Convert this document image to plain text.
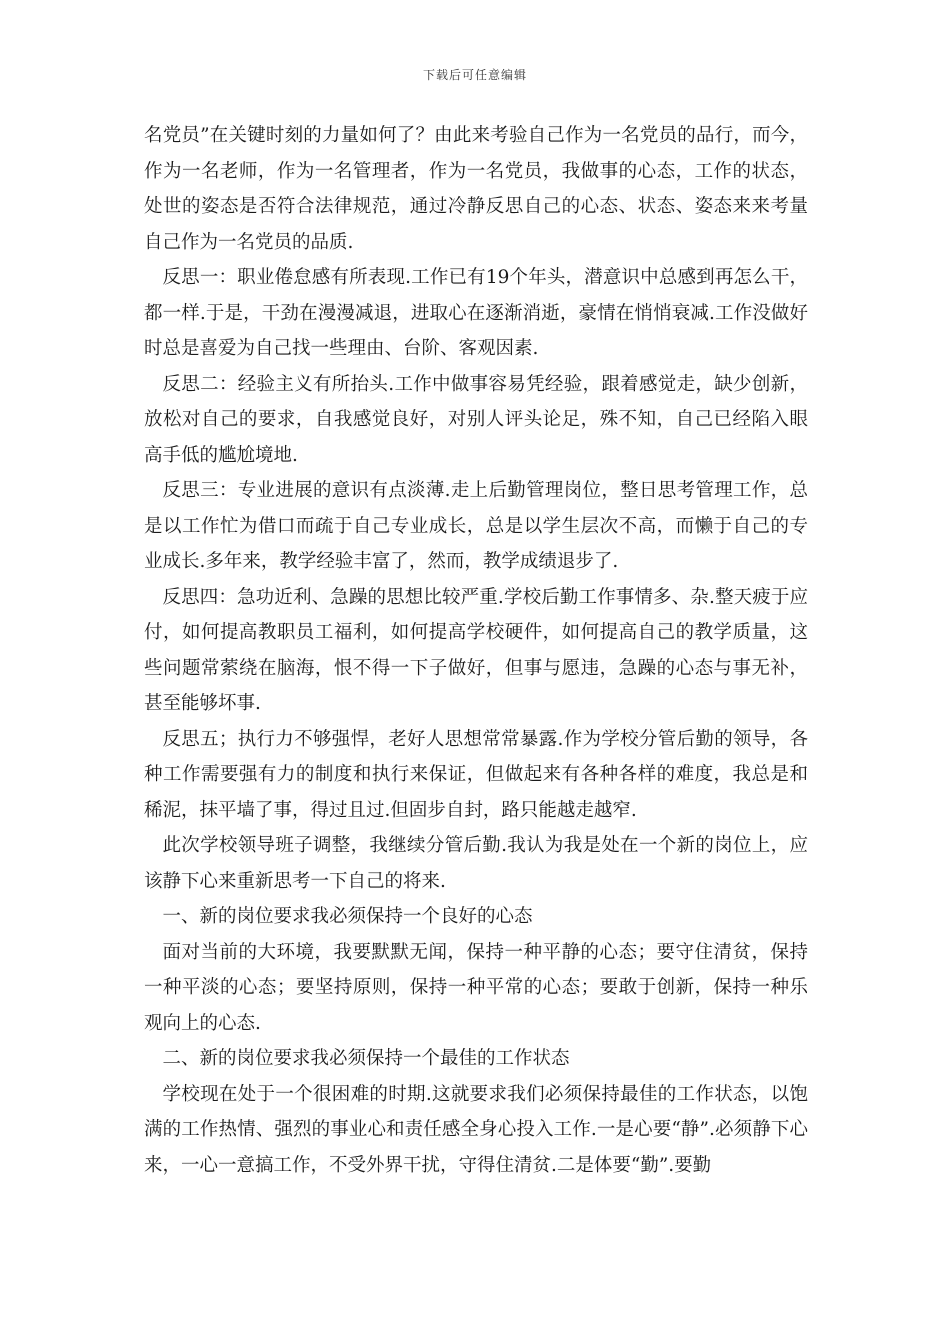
下载后可任意编辑

名党员”在关键时刻的力量如何了？由此来考验自己作为一名党员的品行，而今，作为一名老师，作为一名管理者，作为一名党员，我做事的心态，工作的状态，处世的姿态是否符合法律规范，通过冷静反思自己的心态、状态、姿态来来考量自己作为一名党员的品质.

反思一：职业倦怠感有所表现.工作已有19个年头，潜意识中总感到再怎么干，都一样.于是，干劲在漫漫减退，进取心在逐渐消逝，豪情在悄悄衰减.工作没做好时总是喜爱为自己找一些理由、台阶、客观因素.

反思二：经验主义有所抬头.工作中做事容易凭经验，跟着感觉走，缺少创新，放松对自己的要求，自我感觉良好，对别人评头论足，殊不知，自己已经陷入眼高手低的尴尬境地.

反思三：专业进展的意识有点淡薄.走上后勤管理岗位，整日思考管理工作，总是以工作忙为借口而疏于自己专业成长，总是以学生层次不高，而懒于自己的专业成长.多年来，教学经验丰富了，然而，教学成绩退步了.

反思四：急功近利、急躁的思想比较严重.学校后勤工作事情多、杂.整天疲于应付，如何提高教职员工福利，如何提高学校硬件，如何提高自己的教学质量，这些问题常萦绕在脑海，恨不得一下子做好，但事与愿违，急躁的心态与事无补，甚至能够坏事.

反思五；执行力不够强悍，老好人思想常常暴露.作为学校分管后勤的领导，各种工作需要强有力的制度和执行来保证，但做起来有各种各样的难度，我总是和稀泥，抹平墙了事，得过且过.但固步自封，路只能越走越窄.

此次学校领导班子调整，我继续分管后勤.我认为我是处在一个新的岗位上，应该静下心来重新思考一下自己的将来.

一、新的岗位要求我必须保持一个良好的心态

面对当前的大环境，我要默默无闻，保持一种平静的心态；要守住清贫，保持一种平淡的心态；要坚持原则，保持一种平常的心态；要敢于创新，保持一种乐观向上的心态.

二、新的岗位要求我必须保持一个最佳的工作状态

学校现在处于一个很困难的时期.这就要求我们必须保持最佳的工作状态，以饱满的工作热情、强烈的事业心和责任感全身心投入工作.一是心要“静”.必须静下心来，一心一意搞工作，不受外界干扰，守得住清贫.二是体要“勤”.要勤
